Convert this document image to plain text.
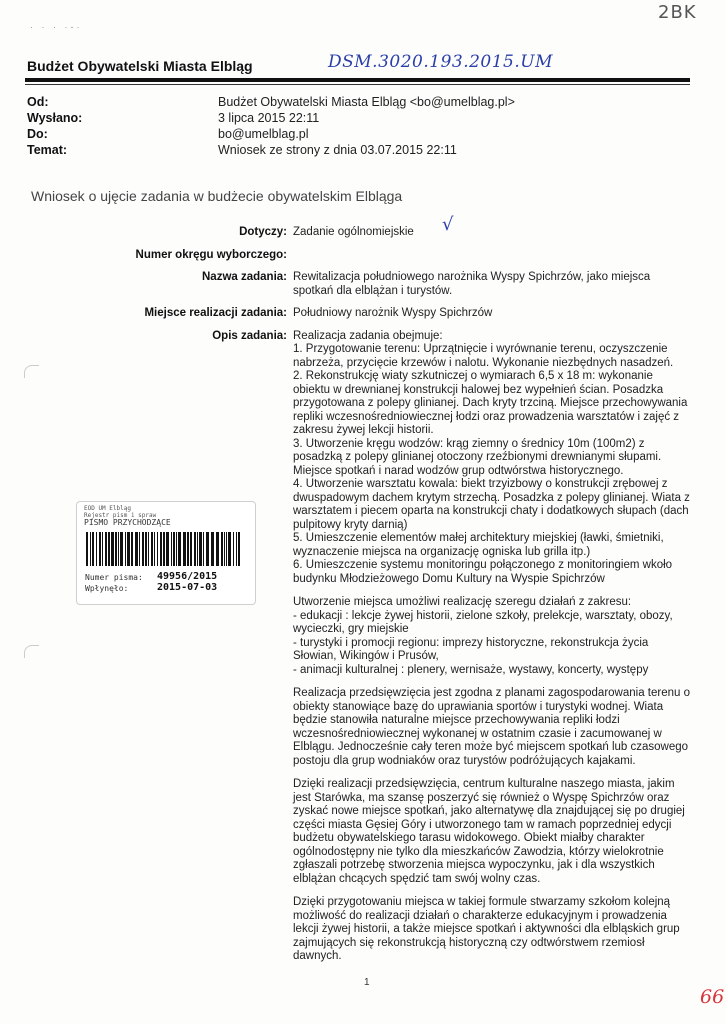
· · · ·-·
2BK
Budżet Obywatelski Miasta Elbląg	DSM.3020.193.2015.UM
Od:	Budżet Obywatelski Miasta Elbląg <bo@umelblag.pl>
Wysłano:	3 lipca 2015 22:11
Do:	bo@umelblag.pl
Temat:	Wniosek ze strony z dnia 03.07.2015 22:11
Wniosek o ujęcie zadania w budżecie obywatelskim Elbląga
√
Dotyczy: Zadanie ogólnomiejskie
Numer okręgu wyborczego:
Nazwa zadania: Rewitalizacja południowego narożnika Wyspy Spichrzów, jako miejsca spotkań dla elblążan i turystów.
Miejsce realizacji zadania: Południowy narożnik Wyspy Spichrzów
Opis zadania: Realizacja zadania obejmuje:
1. Przygotowanie terenu: Uprzątnięcie i wyrównanie terenu, oczyszczenie nabrzeża, przycięcie krzewów i nalotu. Wykonanie niezbędnych nasadzeń.
2. Rekonstrukcję wiaty szkutniczej o wymiarach 6,5 x 18 m: wykonanie obiektu w drewnianej konstrukcji halowej bez wypełnień ścian. Posadzka przygotowana z polepy glinianej. Dach kryty trzciną. Miejsce przechowywania repliki wczesnośredniowiecznej łodzi oraz prowadzenia warsztatów i zajęć z zakresu żywej lekcji historii.
3. Utworzenie kręgu wodzów: krąg ziemny o średnicy 10m (100m2) z posadzką z polepy glinianej otoczony rzeźbionymi drewnianymi słupami. Miejsce spotkań i narad wodzów grup odtwórstwa historycznego.
4. Utworzenie warsztatu kowala: biekt trzyizbowy o konstrukcji zrębowej z dwuspadowym dachem krytym strzechą. Posadzka z polepy glinianej. Wiata z warsztatem i piecem oparta na konstrukcji chaty i dodatkowych słupach (dach pulpitowy kryty darnią)
5. Umieszczenie elementów małej architektury miejskiej (ławki, śmietniki, wyznaczenie miejsca na organizację ogniska lub grilla itp.)
6. Umieszczenie systemu monitoringu połączonego z monitoringiem wkoło budynku Młodzieżowego Domu Kultury na Wyspie Spichrzów

Utworzenie miejsca umożliwi realizację szeregu działań z zakresu:
- edukacji : lekcje żywej historii, zielone szkoły, prelekcje, warsztaty, obozy, wycieczki, gry miejskie
- turystyki i promocji regionu: imprezy historyczne, rekonstrukcja życia Słowian, Wikingów i Prusów,
- animacji kulturalnej : plenery, wernisaże, wystawy, koncerty, występy

Realizacja przedsięwzięcia jest zgodna z planami zagospodarowania terenu o obiekty stanowiące bazę do uprawiania sportów i turystyki wodnej. Wiata będzie stanowiła naturalne miejsce przechowywania repliki łodzi wczesnośredniowiecznej wykonanej w ostatnim czasie i zacumowanej w Elblągu. Jednocześnie cały teren może być miejscem spotkań lub czasowego postoju dla grup wodniaków oraz turystów podróżujących kajakami.

Dzięki realizacji przedsięwzięcia, centrum kulturalne naszego miasta, jakim jest Starówka, ma szansę poszerzyć się również o Wyspę Spichrzów oraz zyskać nowe miejsce spotkań, jako alternatywę dla znajdującej się po drugiej części miasta Gęsiej Góry i utworzonego tam w ramach poprzedniej edycji budżetu obywatelskiego tarasu widokowego. Obiekt miałby charakter ogólnodostępny nie tylko dla mieszkańców Zawodzia, którzy wielokrotnie zgłaszali potrzebę stworzenia miejsca wypoczynku, jak i dla wszystkich elblążan chcących spędzić tam swój wolny czas.

Dzięki przygotowaniu miejsca w takiej formule stwarzamy szkołom kolejną możliwość do realizacji działań o charakterze edukacyjnym i prowadzenia lekcji żywej historii, a także miejsce spotkań i aktywności dla elbląskich grup zajmujących się rekonstrukcją historyczną czy odtwórstwem rzemiosł dawnych.

EOD UM Elbląg
Rejestr pism i spraw
PISMO PRZYCHODZĄCE
Numer pisma: 49956/2015
Wpłynęło:	2015-07-03
1
66
